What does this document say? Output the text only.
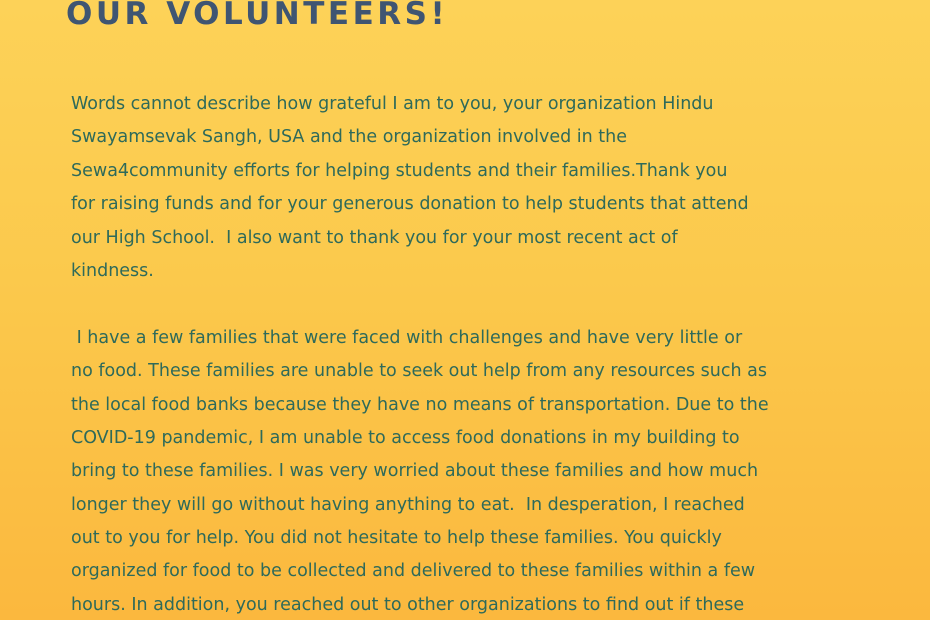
OUR VOLUNTEERS!
Words cannot describe how grateful I am to you, your organization Hindu
Swayamsevak Sangh, USA and the organization involved in the
Sewa4community efforts for helping students and their families.Thank you
for raising funds and for your generous donation to help students that attend
our High School.  I also want to thank you for your most recent act of
kindness.
I have a few families that were faced with challenges and have very little or
no food. These families are unable to seek out help from any resources such as
the local food banks because they have no means of transportation. Due to the
COVID-19 pandemic, I am unable to access food donations in my building to
bring to these families. I was very worried about these families and how much
longer they will go without having anything to eat.  In desperation, I reached
out to you for help. You did not hesitate to help these families. You quickly
organized for food to be collected and delivered to these families within a few
hours. In addition, you reached out to other organizations to find out if these
